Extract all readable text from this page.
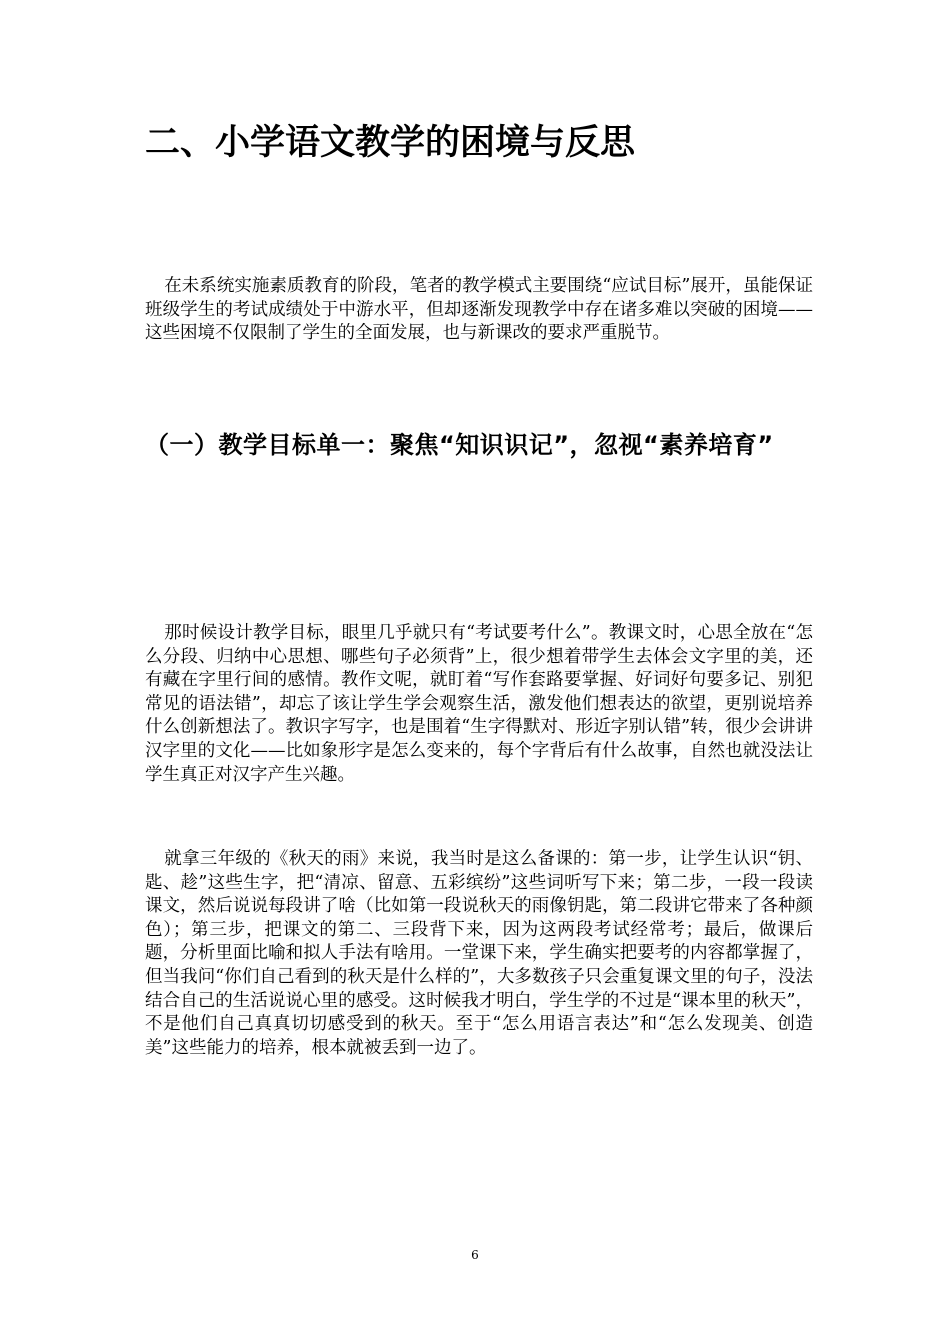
二、小学语文教学的困境与反思

在未系统实施素质教育的阶段，笔者的教学模式主要围绕“应试目标”展开，虽能保证班级学生的考试成绩处于中游水平，但却逐渐发现教学中存在诸多难以突破的困境——这些困境不仅限制了学生的全面发展，也与新课改的要求严重脱节。

（一）教学目标单一：聚焦“知识识记”，忽视“素养培育”

那时候设计教学目标，眼里几乎就只有“考试要考什么”。教课文时，心思全放在“怎么分段、归纳中心思想、哪些句子必须背”上，很少想着带学生去体会文字里的美，还有藏在字里行间的感情。教作文呢，就盯着“写作套路要掌握、好词好句要多记、别犯常见的语法错”，却忘了该让学生学会观察生活，激发他们想表达的欲望，更别说培养什么创新想法了。教识字写字，也是围着“生字得默对、形近字别认错”转，很少会讲讲汉字里的文化——比如象形字是怎么变来的，每个字背后有什么故事，自然也就没法让学生真正对汉字产生兴趣。

就拿三年级的《秋天的雨》来说，我当时是这么备课的：第一步，让学生认识“钥、匙、趁”这些生字，把“清凉、留意、五彩缤纷”这些词听写下来；第二步，一段一段读课文，然后说说每段讲了啥（比如第一段说秋天的雨像钥匙，第二段讲它带来了各种颜色）；第三步，把课文的第二、三段背下来，因为这两段考试经常考；最后，做课后题，分析里面比喻和拟人手法有啥用。一堂课下来，学生确实把要考的内容都掌握了，但当我问“你们自己看到的秋天是什么样的”，大多数孩子只会重复课文里的句子，没法结合自己的生活说说心里的感受。这时候我才明白，学生学的不过是“课本里的秋天”，不是他们自己真真切切感受到的秋天。至于“怎么用语言表达”和“怎么发现美、创造美”这些能力的培养，根本就被丢到一边了。

6
